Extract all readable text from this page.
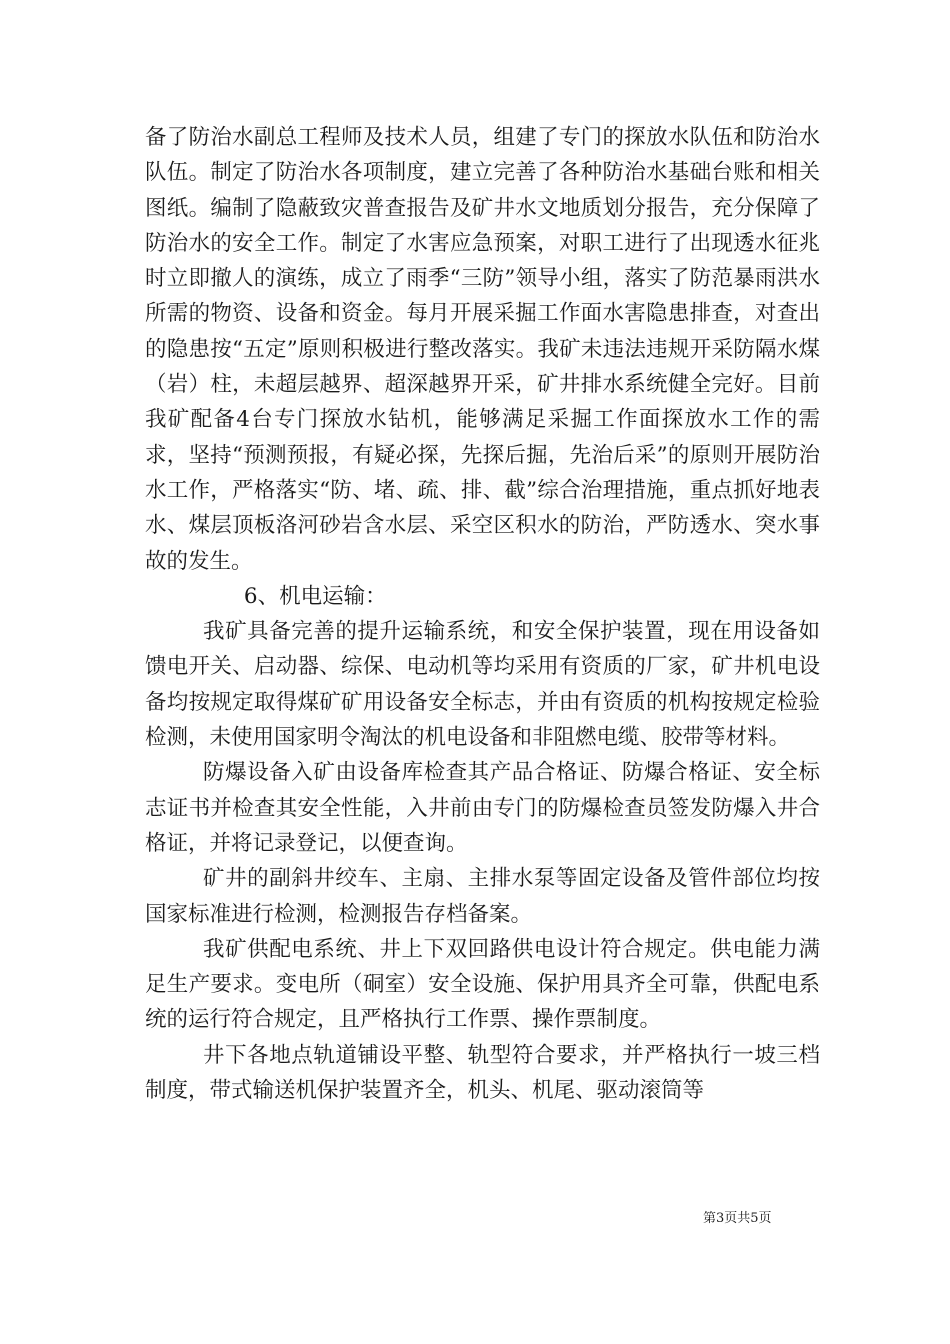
备了防治水副总工程师及技术人员，组建了专门的探放水队伍和防治水队伍。制定了防治水各项制度，建立完善了各种防治水基础台账和相关图纸。编制了隐蔽致灾普查报告及矿井水文地质划分报告，充分保障了防治水的安全工作。制定了水害应急预案，对职工进行了出现透水征兆时立即撤人的演练，成立了雨季“三防”领导小组，落实了防范暴雨洪水所需的物资、设备和资金。每月开展采掘工作面水害隐患排查，对查出的隐患按“五定”原则积极进行整改落实。我矿未违法违规开采防隔水煤（岩）柱，未超层越界、超深越界开采，矿井排水系统健全完好。目前我矿配备4台专门探放水钻机，能够满足采掘工作面探放水工作的需求，坚持“预测预报，有疑必探，先探后掘，先治后采”的原则开展防治水工作，严格落实“防、堵、疏、排、截”综合治理措施，重点抓好地表水、煤层顶板洛河砂岩含水层、采空区积水的防治，严防透水、突水事故的发生。

6、机电运输：

我矿具备完善的提升运输系统，和安全保护装置，现在用设备如馈电开关、启动器、综保、电动机等均采用有资质的厂家，矿井机电设备均按规定取得煤矿矿用设备安全标志，并由有资质的机构按规定检验检测，未使用国家明令淘汰的机电设备和非阻燃电缆、胶带等材料。

防爆设备入矿由设备库检查其产品合格证、防爆合格证、安全标志证书并检查其安全性能，入井前由专门的防爆检查员签发防爆入井合格证，并将记录登记，以便查询。

矿井的副斜井绞车、主扇、主排水泵等固定设备及管件部位均按国家标准进行检测，检测报告存档备案。

我矿供配电系统、井上下双回路供电设计符合规定。供电能力满足生产要求。变电所（硐室）安全设施、保护用具齐全可靠，供配电系统的运行符合规定，且严格执行工作票、操作票制度。

井下各地点轨道铺设平整、轨型符合要求，并严格执行一坡三档制度，带式输送机保护装置齐全，机头、机尾、驱动滚筒等

第3页共5页
